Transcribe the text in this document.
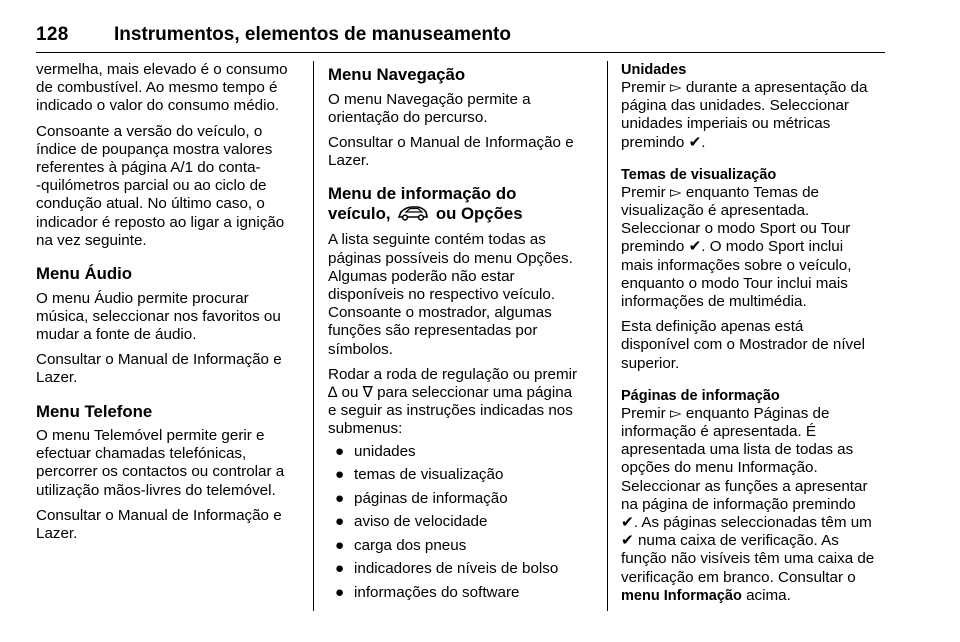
128 Instrumentos, elementos de manuseamento

vermelha, mais elevado é o consumo
de combustível. Ao mesmo tempo é
indicado o valor do consumo médio.

Consoante a versão do veículo, o
índice de poupança mostra valores
referentes à página A/1 do conta-
-quilómetros parcial ou ao ciclo de
condução atual. No último caso, o
indicador é reposto ao ligar a ignição
na vez seguinte.

Menu Áudio

O menu Áudio permite procurar
música, seleccionar nos favoritos ou
mudar a fonte de áudio.

Consultar o Manual de Informação e
Lazer.

Menu Telefone

O menu Telemóvel permite gerir e
efectuar chamadas telefónicas,
percorrer os contactos ou controlar a
utilização mãos-livres do telemóvel.

Consultar o Manual de Informação e
Lazer.

Menu Navegação

O menu Navegação permite a
orientação do percurso.

Consultar o Manual de Informação e
Lazer.

Menu de informação do
veículo,	ou Opções

A lista seguinte contém todas as
páginas possíveis do menu Opções.
Algumas poderão não estar
disponíveis no respectivo veículo.
Consoante o mostrador, algumas
funções são representadas por
símbolos.

Rodar a roda de regulação ou premir
∆ ou ∇ para seleccionar uma página
e seguir as instruções indicadas nos
submenus:

● unidades
● temas de visualização
● páginas de informação
● aviso de velocidade
● carga dos pneus
● indicadores de níveis de bolso
● informações do software
Unidades

Premir ▻ durante a apresentação da
página das unidades. Seleccionar
unidades imperiais ou métricas
premindo ✔.

Temas de visualização

Premir ▻ enquanto Temas de
visualização é apresentada.
Seleccionar o modo Sport ou Tour
premindo ✔. O modo Sport inclui
mais informações sobre o veículo,
enquanto o modo Tour inclui mais
informações de multimédia.

Esta definição apenas está
disponível com o Mostrador de nível
superior.

Páginas de informação

Premir ▻ enquanto Páginas de
informação é apresentada. É
apresentada uma lista de todas as
opções do menu Informação.
Seleccionar as funções a apresentar
na página de informação premindo
✔. As páginas seleccionadas têm um
✔ numa caixa de verificação. As
função não visíveis têm uma caixa de
verificação em branco. Consultar o
menu Informação acima.
